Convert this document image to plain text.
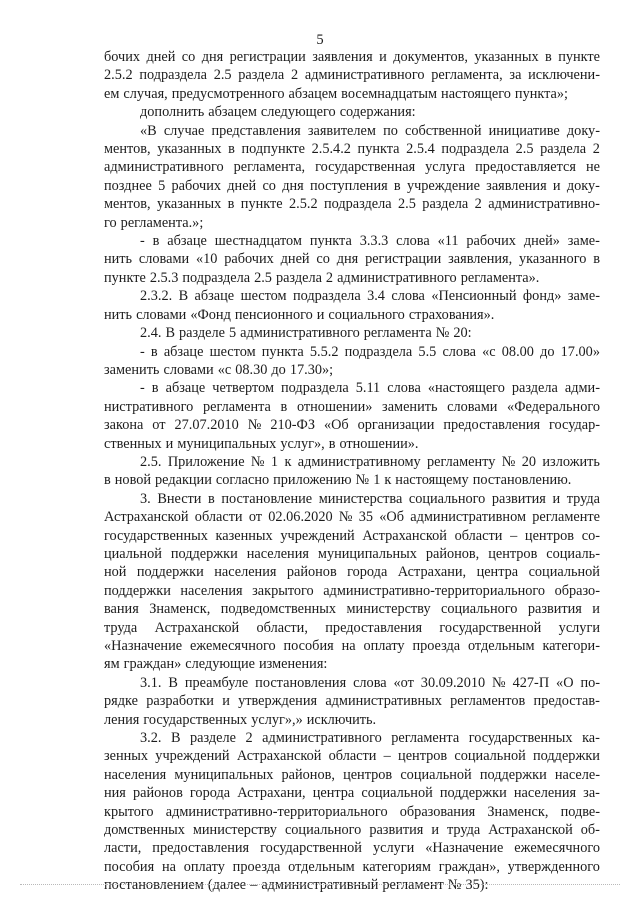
5
бочих дней со дня регистрации заявления и документов, указанных в пункте
2.5.2 подраздела 2.5 раздела 2 административного регламента, за исключени-
ем случая, предусмотренного абзацем восемнадцатым настоящего пункта»;
дополнить абзацем следующего содержания:
«В случае представления заявителем по собственной инициативе доку-
ментов, указанных в подпункте 2.5.4.2 пункта 2.5.4 подраздела 2.5 раздела 2
административного регламента, государственная услуга предоставляется не
позднее 5 рабочих дней со дня поступления в учреждение заявления и доку-
ментов, указанных в пункте 2.5.2 подраздела 2.5 раздела 2 административно-
го регламента.»;
- в абзаце шестнадцатом пункта 3.3.3 слова «11 рабочих дней» заме-
нить словами «10 рабочих дней со дня регистрации заявления, указанного в
пункте 2.5.3 подраздела 2.5 раздела 2 административного регламента».
2.3.2. В абзаце шестом подраздела 3.4 слова «Пенсионный фонд» заме-
нить словами «Фонд пенсионного и социального страхования».
2.4. В разделе 5 административного регламента № 20:
- в абзаце шестом пункта 5.5.2 подраздела 5.5 слова «с 08.00 до 17.00»
заменить словами «с 08.30 до 17.30»;
- в абзаце четвертом подраздела 5.11 слова «настоящего раздела адми-
нистративного регламента в отношении» заменить словами «Федерального
закона от 27.07.2010 № 210-ФЗ «Об организации предоставления государ-
ственных и муниципальных услуг», в отношении».
2.5. Приложение № 1 к административному регламенту № 20 изложить
в новой редакции согласно приложению № 1 к настоящему постановлению.
3. Внести в постановление министерства социального развития и труда
Астраханской области от 02.06.2020 № 35 «Об административном регламенте
государственных казенных учреждений Астраханской области – центров со-
циальной поддержки населения муниципальных районов, центров социаль-
ной поддержки населения районов города Астрахани, центра социальной
поддержки населения закрытого административно-территориального образо-
вания Знаменск, подведомственных министерству социального развития и
труда Астраханской области, предоставления государственной услуги
«Назначение ежемесячного пособия на оплату проезда отдельным категори-
ям граждан» следующие изменения:
3.1. В преамбуле постановления слова «от 30.09.2010 № 427-П «О по-
рядке разработки и утверждения административных регламентов предостав-
ления государственных услуг»,» исключить.
3.2. В разделе 2 административного регламента государственных ка-
зенных учреждений Астраханской области – центров социальной поддержки
населения муниципальных районов, центров социальной поддержки населе-
ния районов города Астрахани, центра социальной поддержки населения за-
крытого административно-территориального образования Знаменск, подве-
домственных министерству социального развития и труда Астраханской об-
ласти, предоставления государственной услуги «Назначение ежемесячного
пособия на оплату проезда отдельным категориям граждан», утвержденного
постановлением (далее – административный регламент № 35):
